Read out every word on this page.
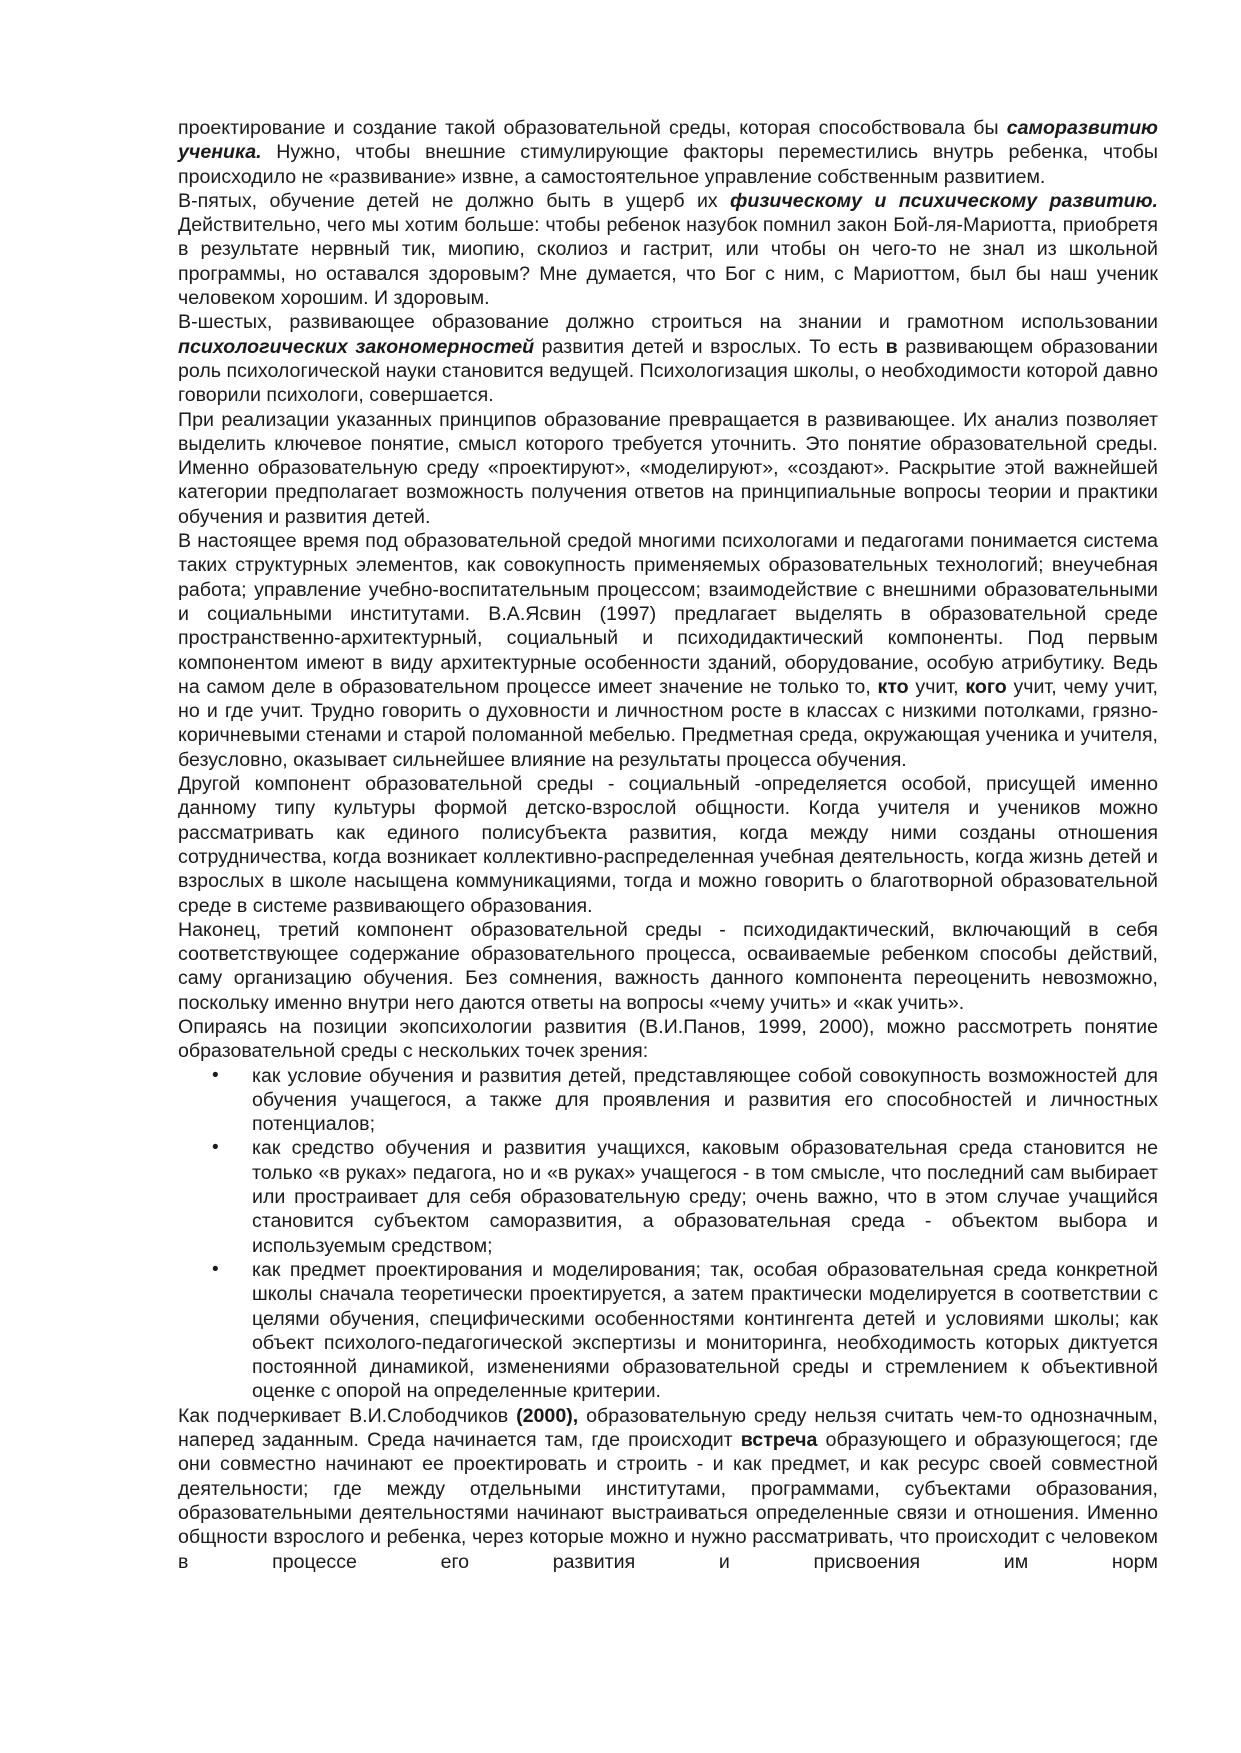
проектирование и создание такой образовательной среды, которая способствовала бы саморазвитию ученика. Нужно, чтобы внешние стимулирующие факторы переместились внутрь ребенка, чтобы происходило не «развивание» извне, а самостоятельное управление собственным развитием.

В-пятых, обучение детей не должно быть в ущерб их физическому и психическому развитию. Действительно, чего мы хотим больше: чтобы ребенок назубок помнил закон Бой-ля-Мариотта, приобретя в результате нервный тик, миопию, сколиоз и гастрит, или чтобы он чего-то не знал из школьной программы, но оставался здоровым? Мне думается, что Бог с ним, с Мариоттом, был бы наш ученик человеком хорошим. И здоровым.

В-шестых, развивающее образование должно строиться на знании и грамотном использовании психологических закономерностей развития детей и взрослых. То есть в развивающем образовании роль психологической науки становится ведущей. Психологизация школы, о необходимости которой давно говорили психологи, совершается.

При реализации указанных принципов образование превращается в развивающее. Их анализ позволяет выделить ключевое понятие, смысл которого требуется уточнить. Это понятие образовательной среды. Именно образовательную среду «проектируют», «моделируют», «создают». Раскрытие этой важнейшей категории предполагает возможность получения ответов на принципиальные вопросы теории и практики обучения и развития детей.

В настоящее время под образовательной средой многими психологами и педагогами понимается система таких структурных элементов, как совокупность применяемых образовательных технологий; внеучебная работа; управление учебно-воспитательным процессом; взаимодействие с внешними образовательными и социальными институтами. В.А.Ясвин (1997) предлагает выделять в образовательной среде пространственно-архитектурный, социальный и психодидактический компоненты. Под первым компонентом имеют в виду архитектурные особенности зданий, оборудование, особую атрибутику. Ведь на самом деле в образовательном процессе имеет значение не только то, кто учит, кого учит, чему учит, но и где учит. Трудно говорить о духовности и личностном росте в классах с низкими потолками, грязно-коричневыми стенами и старой поломанной мебелью. Предметная среда, окружающая ученика и учителя, безусловно, оказывает сильнейшее влияние на результаты процесса обучения.

Другой компонент образовательной среды - социальный -определяется особой, присущей именно данному типу культуры формой детско-взрослой общности. Когда учителя и учеников можно рассматривать как единого полисубъекта развития, когда между ними созданы отношения сотрудничества, когда возникает коллективно-распределенная учебная деятельность, когда жизнь детей и взрослых в школе насыщена коммуникациями, тогда и можно говорить о благотворной образовательной среде в системе развивающего образования.

Наконец, третий компонент образовательной среды - психодидактический, включающий в себя соответствующее содержание образовательного процесса, осваиваемые ребенком способы действий, саму организацию обучения. Без сомнения, важность данного компонента переоценить невозможно, поскольку именно внутри него даются ответы на вопросы «чему учить» и «как учить».

Опираясь на позиции экопсихологии развития (В.И.Панов, 1999, 2000), можно рассмотреть понятие образовательной среды с нескольких точек зрения:

• как условие обучения и развития детей, представляющее собой совокупность возможностей для обучения учащегося, а также для проявления и развития его способностей и личностных потенциалов;
• как средство обучения и развития учащихся, каковым образовательная среда становится не только «в руках» педагога, но и «в руках» учащегося - в том смысле, что последний сам выбирает или простраивает для себя образовательную среду; очень важно, что в этом случае учащийся становится субъектом саморазвития, а образовательная среда - объектом выбора и используемым средством;
• как предмет проектирования и моделирования; так, особая образовательная среда конкретной школы сначала теоретически проектируется, а затем практически моделируется в соответствии с целями обучения, специфическими особенностями контингента детей и условиями школы; как объект психолого-педагогической экспертизы и мониторинга, необходимость которых диктуется постоянной динамикой, изменениями образовательной среды и стремлением к объективной оценке с опорой на определенные критерии.

Как подчеркивает В.И.Слободчиков (2000), образовательную среду нельзя считать чем-то однозначным, наперед заданным. Среда начинается там, где происходит встреча образующего и образующегося; где они совместно начинают ее проектировать и строить - и как предмет, и как ресурс своей совместной деятельности; где между отдельными институтами, программами, субъектами образования, образовательными деятельностями начинают выстраиваться определенные связи и отношения. Именно общности взрослого и ребенка, через которые можно и нужно рассматривать, что происходит с человеком в процессе его развития и присвоения им норм
